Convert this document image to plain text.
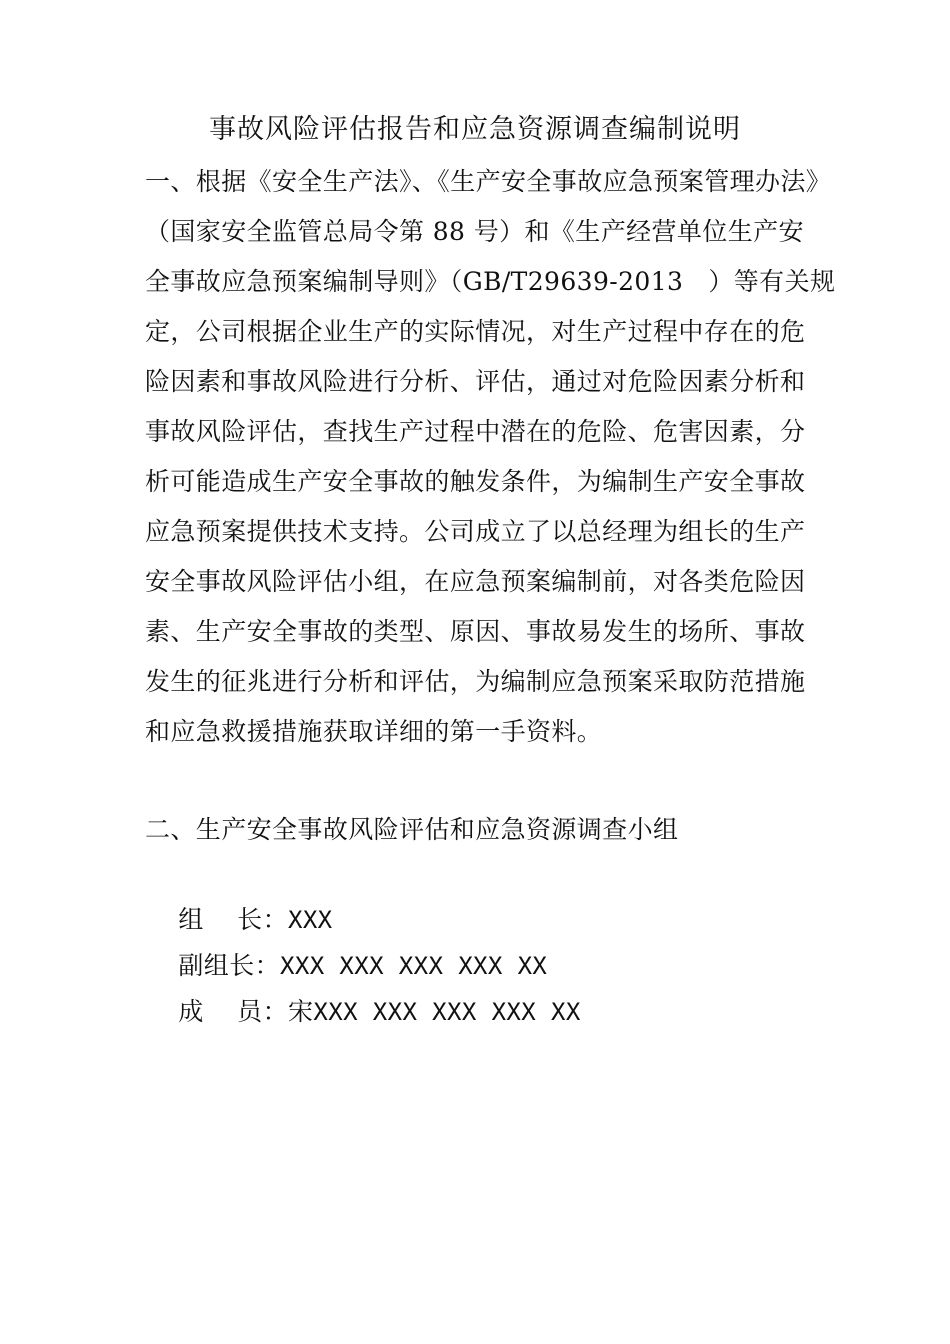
事故风险评估报告和应急资源调查编制说明
一、根据《安全生产法》、《生产安全事故应急预案管理办法》
（国家安全监管总局令第 88 号）和《生产经营单位生产安
全事故应急预案编制导则》（GB/T29639-2013   ）等有关规
定，公司根据企业生产的实际情况，对生产过程中存在的危
险因素和事故风险进行分析、评估，通过对危险因素分析和
事故风险评估，查找生产过程中潜在的危险、危害因素，分
析可能造成生产安全事故的触发条件，为编制生产安全事故
应急预案提供技术支持。公司成立了以总经理为组长的生产
安全事故风险评估小组，在应急预案编制前，对各类危险因
素、生产安全事故的类型、原因、事故易发生的场所、事故
发生的征兆进行分析和评估，为编制应急预案采取防范措施
和应急救援措施获取详细的第一手资料。
二、生产安全事故风险评估和应急资源调查小组

组    长：XXX

副组长：XXX XXX XXX XXX XX

成    员：宋XXX XXX XXX XXX XX
